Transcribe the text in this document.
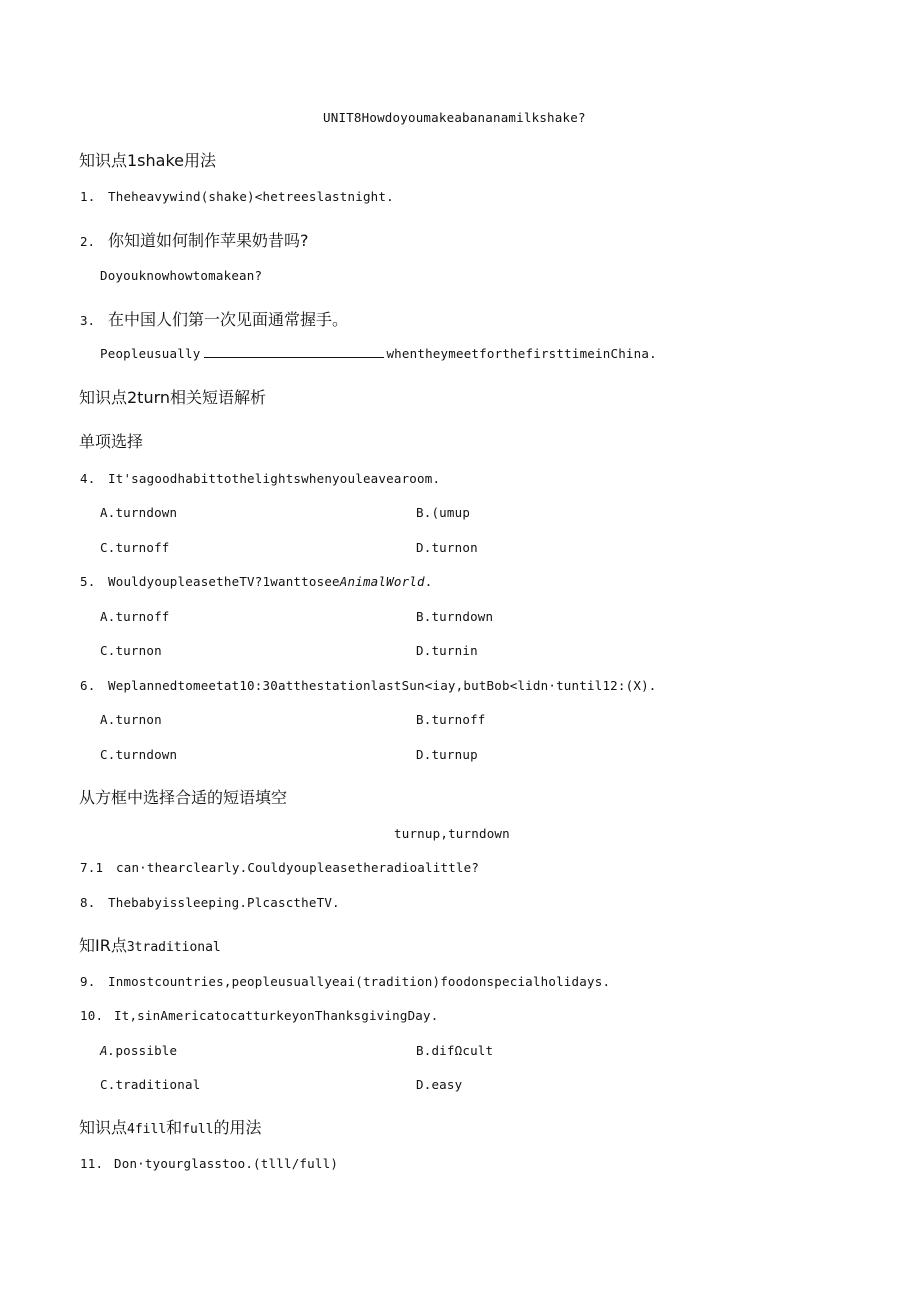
UNIT8Howdoyoumakeabananamilkshake?
知识点1shake用法
1. Theheavywind(shake)<hetreeslastnight.
2. 你知道如何制作苹果奶昔吗?
Doyouknowhowtomakean?
3. 在中国人们第一次见面通常握手。
Peopleusually	whentheymeetforthefirsttimeinChina.
知识点2turn相关短语解析
单项选择
4. It'sagoodhabittothelightswhenyouleavearoom.
A.turndown	B.(umup
C.turnoff	D.turnon
5. WouldyoupleasetheTV?1wanttoseeAnimalWorld.
A.turnoff	B.turndown
C.turnon	D.turnin
6. Weplannedtomeetat10:30atthestationlastSun<iay,butBob<lidn·tuntil12:(X).
A.turnon	B.turnoff
C.turndown	D.turnup
从方框中选择合适的短语填空
turnup,turndown
7.1 can·thearclearly.Couldyoupleasetheradioalittle?
8. Thebabyissleeping.PlcasctheTV.
知IR点3traditional
9. Inmostcountries,peopleusuallyeai(tradition)foodonspecialholidays.
10. It,sinAmericatocatturkeyonThanksgivingDay.
A.possible	B.difΩcult
C.traditional	D.easy
知识点4fill和full的用法
11. Don·tyourglasstoo.(tlll/full)
